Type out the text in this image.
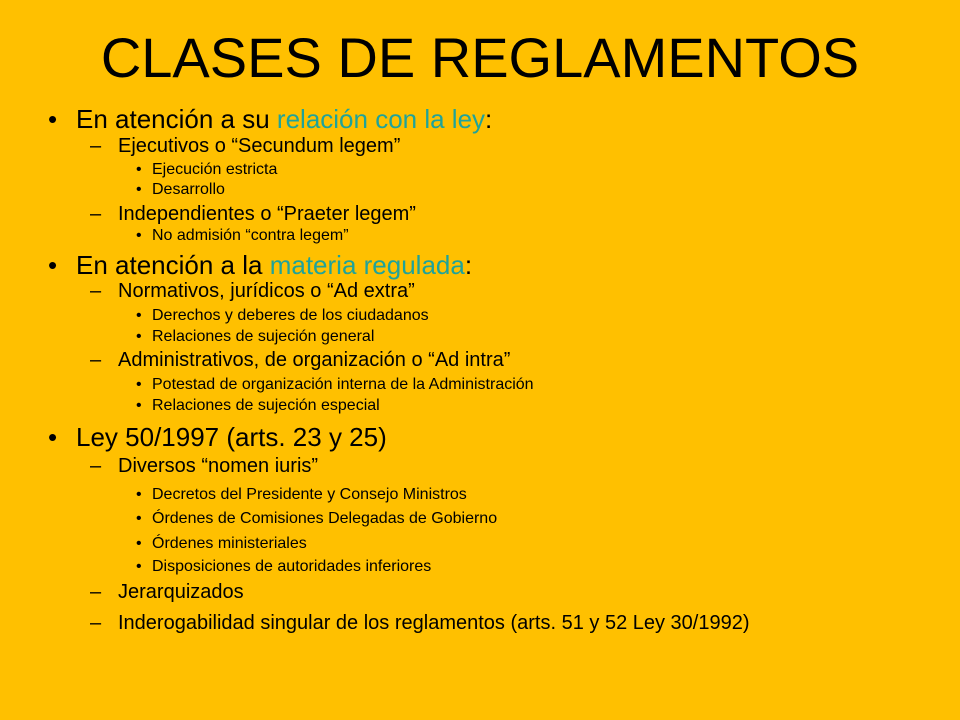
CLASES DE REGLAMENTOS
• En atención a su relación con la ley:
– Ejecutivos o “Secundum legem”
• Ejecución estricta
• Desarrollo
– Independientes o “Praeter legem”
• No admisión “contra legem”
• En atención a la materia regulada:
– Normativos, jurídicos o “Ad extra”
• Derechos y deberes de los ciudadanos
• Relaciones de sujeción general
– Administrativos, de organización o “Ad intra”
• Potestad de organización interna de la Administración
• Relaciones de sujeción especial
• Ley 50/1997 (arts. 23 y 25)
– Diversos “nomen iuris”
• Decretos del Presidente y Consejo Ministros
• Órdenes de Comisiones Delegadas de Gobierno
• Órdenes ministeriales
• Disposiciones de autoridades inferiores
– Jerarquizados
– Inderogabilidad singular de los reglamentos (arts. 51 y 52 Ley 30/1992)
